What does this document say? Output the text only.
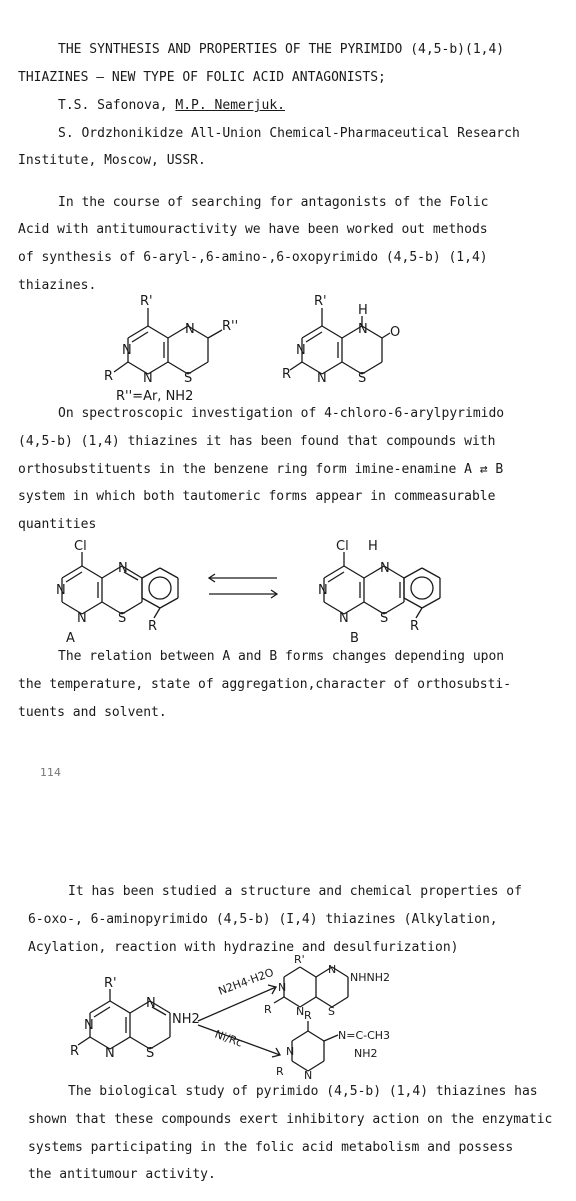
THE SYNTHESIS AND PROPERTIES OF THE PYRIMIDO (4,5-b)(1,4)

THIAZINES — NEW TYPE OF FOLIC ACID ANTAGONISTS;

T.S. Safonova, M.P. Nemerjuk.

S. Ordzhonikidze All-Union Chemical-Pharmaceutical Research

Institute, Moscow, USSR.

In the course of searching for antagonists of the Folic

Acid with antitumouractivity we have been worked out methods

of synthesis of 6-aryl-,6-amino-,6-oxopyrimido (4,5-b) (1,4)

thiazines.

R'
N
N
N
S
R''
R
R''=Ar, NH2
R'
H
N
N
N O
S
R

On spectroscopic investigation of 4-chloro-6-arylpyrimido

(4,5-b) (1,4) thiazines it has been found that compounds with

orthosubstituents in the benzene ring form imine-enamine A ⇄ B

system in which both tautomeric forms appear in commeasurable

quantities

Cl
N
N
N
S
R
A
Cl H
N
N
N
S
R
B

The relation between A and B forms changes depending upon

the temperature, state of aggregation,character of orthosubsti-

tuents and solvent.

114

It has been studied a structure and chemical properties of

6-oxo-, 6-aminopyrimido (4,5-b) (I,4) thiazines (Alkylation,

Acylation, reaction with hydrazine and desulfurization)

R'
N
N
N
S
R
NH2
N2H4·H2O
Ni/Rc
R'
N
N
N
S
R
NHNH2
R
N
N
R
N=C-CH3
NH2

The biological study of pyrimido (4,5-b) (1,4) thiazines has

shown that these compounds exert inhibitory action on the enzymatic

systems participating in the folic acid metabolism and possess

the antitumour activity.
